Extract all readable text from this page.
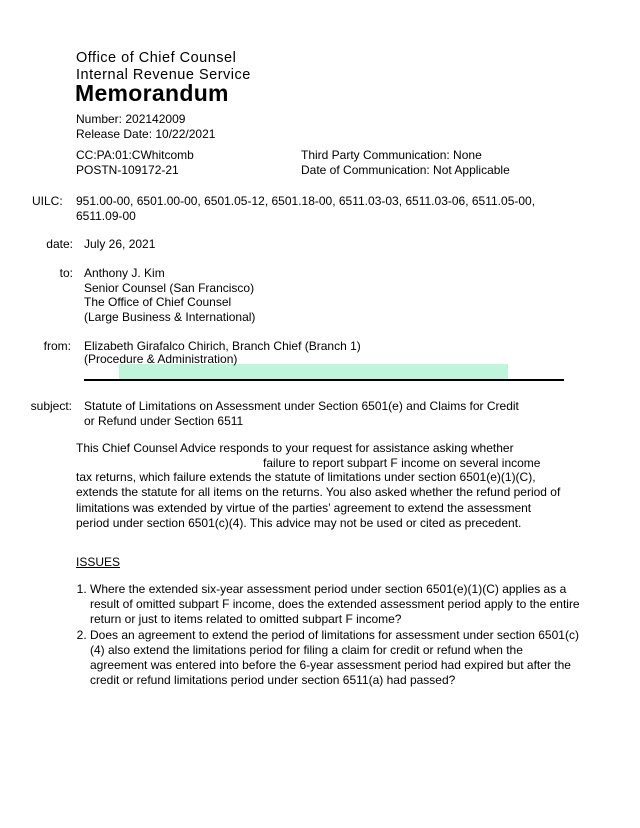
Office of Chief Counsel
Internal Revenue Service
Memorandum
Number: 202142009
Release Date: 10/22/2021
CC:PA:01:CWhitcomb
POSTN-109172-21
Third Party Communication: None
Date of Communication: Not Applicable
UILC: 951.00-00, 6501.00-00, 6501.05-12, 6501.18-00, 6511.03-03, 6511.03-06, 6511.05-00,
6511.09-00
date: July 26, 2021
to: Anthony J. Kim
Senior Counsel (San Francisco)
The Office of Chief Counsel
(Large Business & International)
from: Elizabeth Girafalco Chirich, Branch Chief (Branch 1)
(Procedure & Administration)
subject: Statute of Limitations on Assessment under Section 6501(e) and Claims for Credit
or Refund under Section 6511
This Chief Counsel Advice responds to your request for assistance asking whether
failure to report subpart F income on several income
tax returns, which failure extends the statute of limitations under section 6501(e)(1)(C), extends the statute for all items on the returns. You also asked whether the refund period of limitations was extended by virtue of the parties’ agreement to extend the assessment period under section 6501(c)(4). This advice may not be used or cited as precedent.
ISSUES
1. Where the extended six-year assessment period under section 6501(e)(1)(C) applies as a result of omitted subpart F income, does the extended assessment period apply to the entire return or just to items related to omitted subpart F income?
2. Does an agreement to extend the period of limitations for assessment under section 6501(c)(4) also extend the limitations period for filing a claim for credit or refund when the agreement was entered into before the 6-year assessment period had expired but after the credit or refund limitations period under section 6511(a) had passed?
